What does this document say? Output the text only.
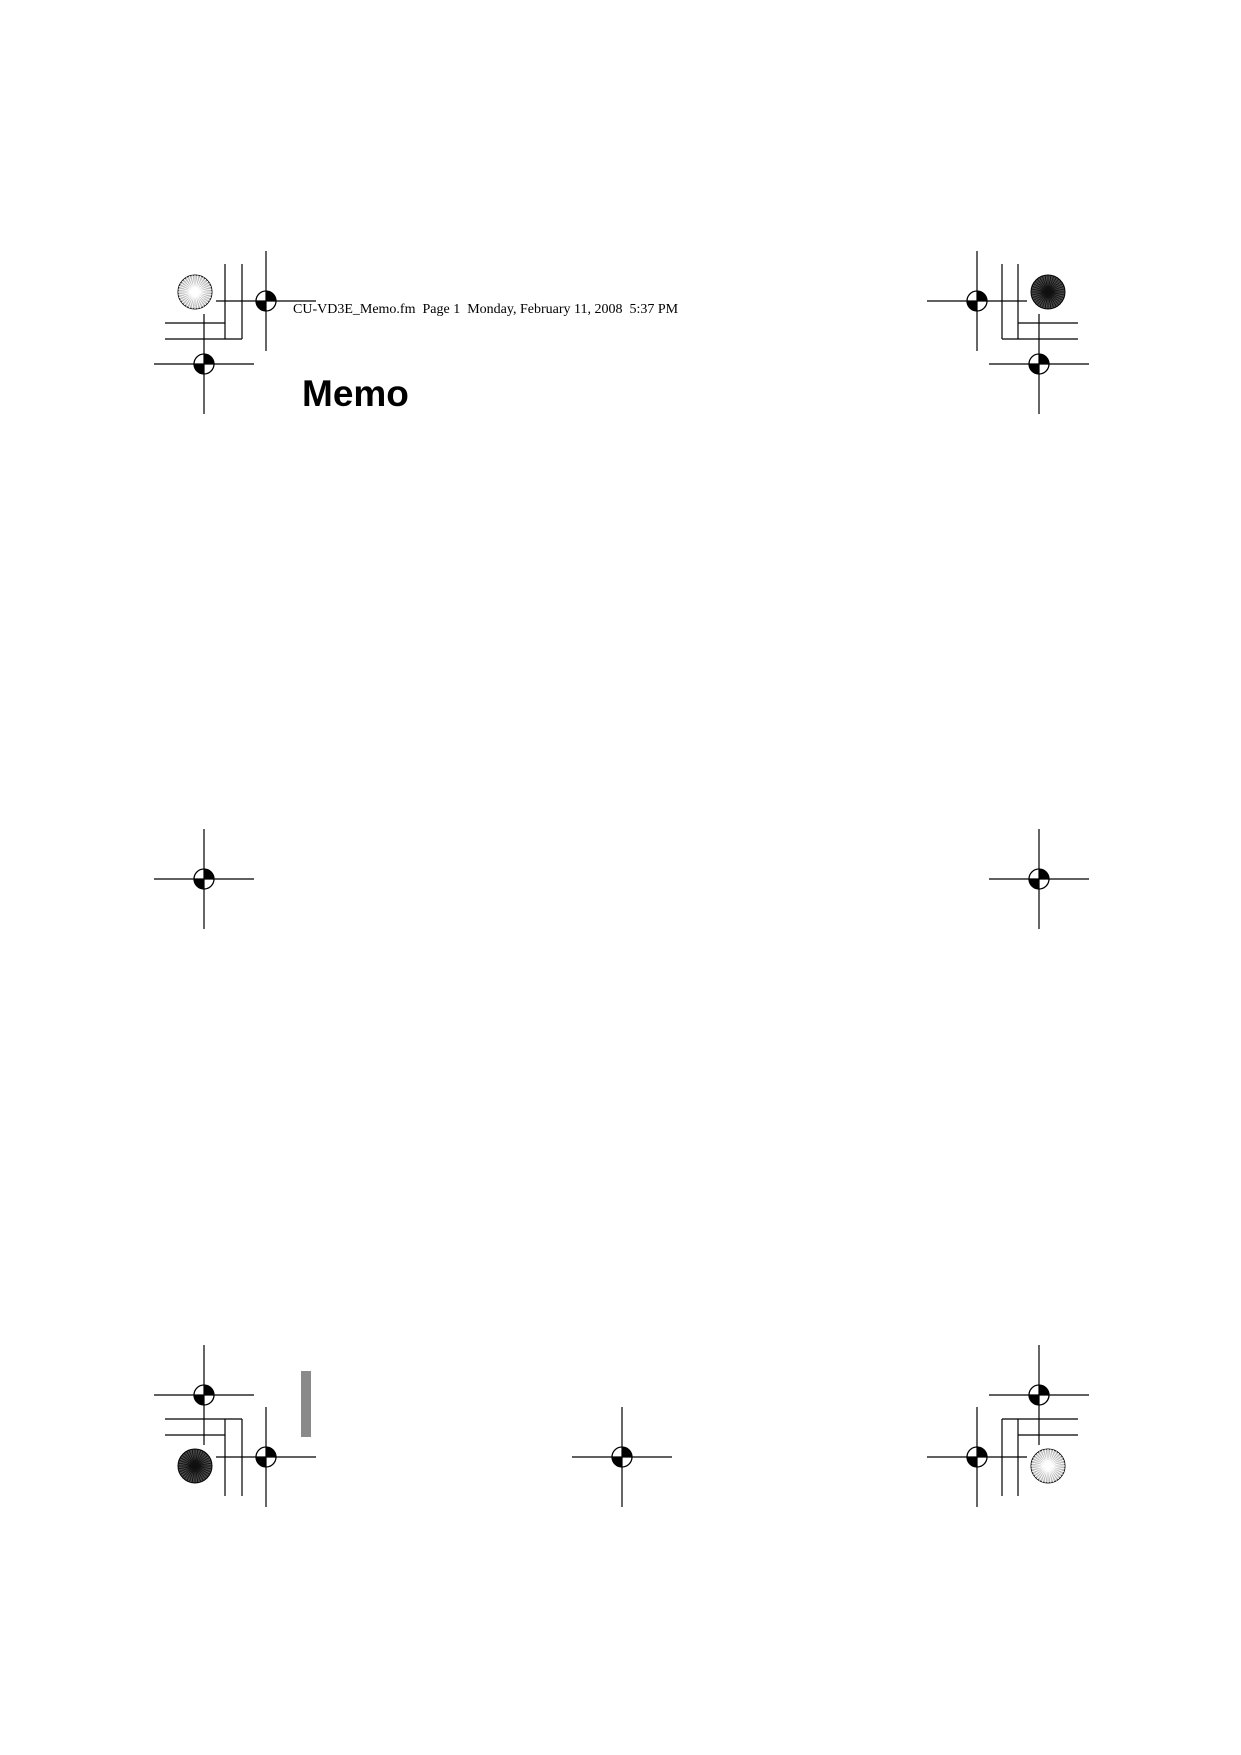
CU-VD3E_Memo.fm  Page 1  Monday, February 11, 2008  5:37 PM
Memo
